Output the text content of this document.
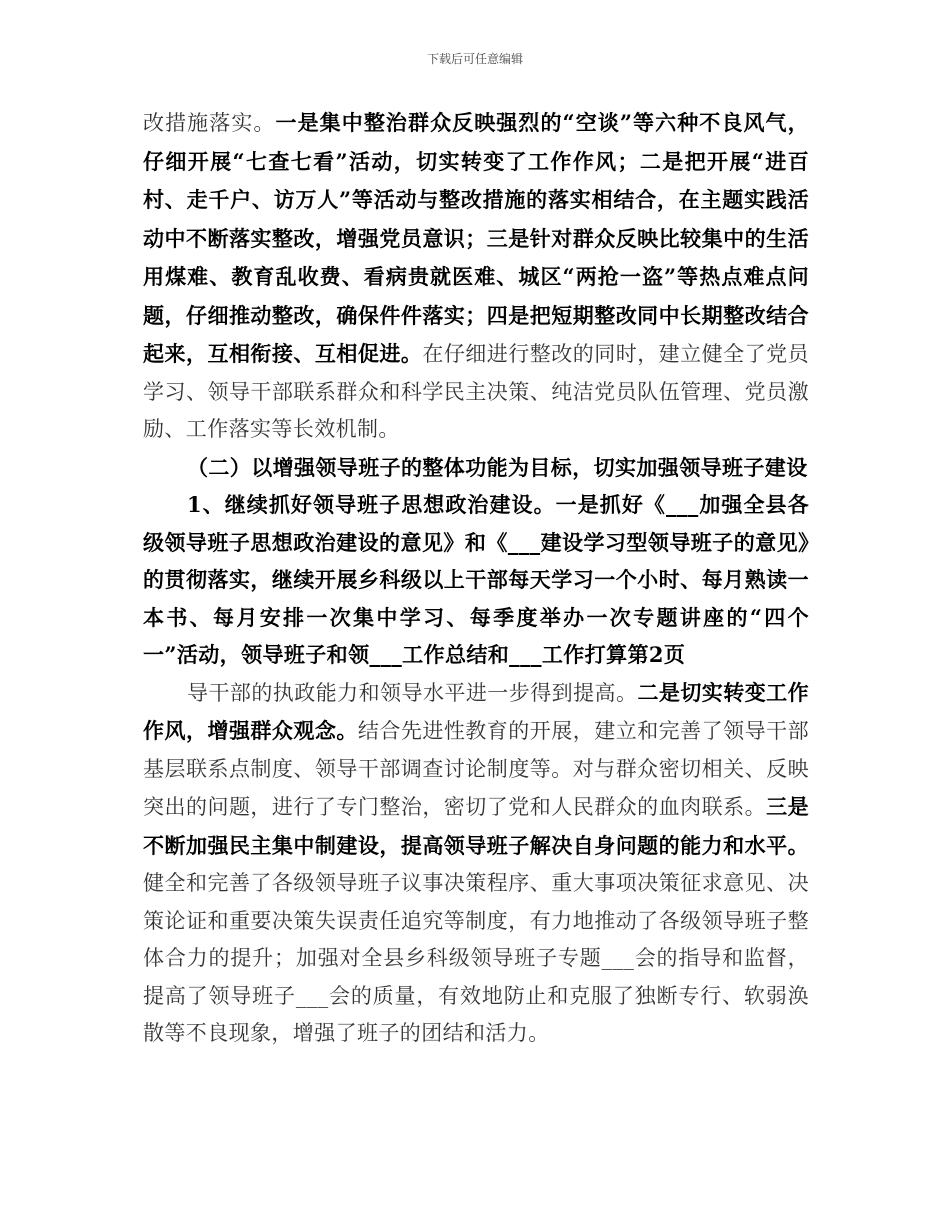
下载后可任意编辑

改措施落实。一是集中整治群众反映强烈的“空谈”等六种不良风气，仔细开展“七查七看”活动，切实转变了工作作风；二是把开展“进百村、走千户、访万人”等活动与整改措施的落实相结合，在主题实践活动中不断落实整改，增强党员意识；三是针对群众反映比较集中的生活用煤难、教育乱收费、看病贵就医难、城区“两抢一盗”等热点难点问题，仔细推动整改，确保件件落实；四是把短期整改同中长期整改结合起来，互相衔接、互相促进。在仔细进行整改的同时，建立健全了党员学习、领导干部联系群众和科学民主决策、纯洁党员队伍管理、党员激励、工作落实等长效机制。

（二）以增强领导班子的整体功能为目标，切实加强领导班子建设

1、继续抓好领导班子思想政治建设。一是抓好《___加强全县各级领导班子思想政治建设的意见》和《___建设学习型领导班子的意见》的贯彻落实，继续开展乡科级以上干部每天学习一个小时、每月熟读一本书、每月安排一次集中学习、每季度举办一次专题讲座的“四个一”活动，领导班子和领___工作总结和___工作打算第2页

导干部的执政能力和领导水平进一步得到提高。二是切实转变工作作风，增强群众观念。结合先进性教育的开展，建立和完善了领导干部基层联系点制度、领导干部调查讨论制度等。对与群众密切相关、反映突出的问题，进行了专门整治，密切了党和人民群众的血肉联系。三是不断加强民主集中制建设，提高领导班子解决自身问题的能力和水平。健全和完善了各级领导班子议事决策程序、重大事项决策征求意见、决策论证和重要决策失误责任追究等制度，有力地推动了各级领导班子整体合力的提升；加强对全县乡科级领导班子专题___会的指导和监督，提高了领导班子___会的质量，有效地防止和克服了独断专行、软弱涣散等不良现象，增强了班子的团结和活力。
